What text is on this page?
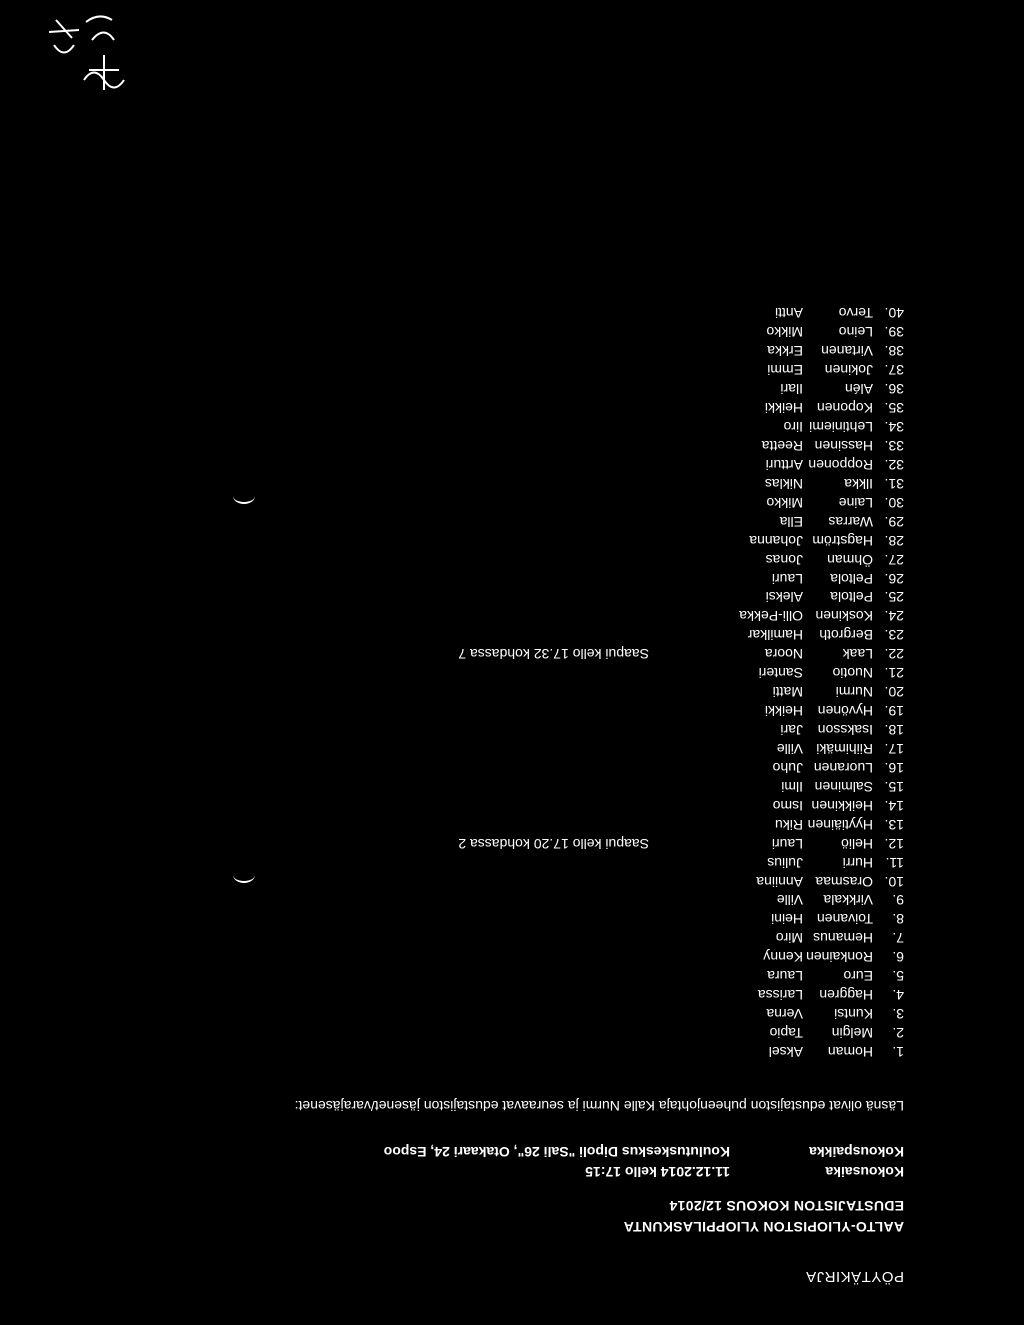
PÖYTÄKIRJA
AALTO-YLIOPISTON YLIOPPILASKUNTA
EDUSTAJISTON KOKOUS 12/2014
Kokousaika11.12.2014 kello 17:15
KokouspaikkaKoulutuskeskus Dipoli "Sali 26", Otakaari 24, Espoo
Läsnä olivat edustajiston puheenjohtaja Kalle Nurmi ja seuraavat edustajiston jäsenet/varajäsenet:
1.
Homan
Aksel
2.
Melgin
Tapio
3.
Kuntsi
Verna
4.
Haggren
Larissa
5.
Euro
Laura
6.
Ronkainen
Kenny
7.
Hemanus
Miro
8.
Toivanen
Heini
9.
Virkkala
Ville
10.
Orasmaa
Anniina
11.
Hurri
Julius
12.
Heliö
Lauri
Saapui kello 17.20 kohdassa 2
13.
Hyytiäinen
Riku
14.
Heikkinen
Ismo
15.
Salminen
Ilmi
16.
Luoranen
Juho
17.
Riihimäki
Ville
18.
Isaksson
Jari
19.
Hyvönen
Heikki
20.
Nurmi
Matti
21.
Nuotio
Santeri
22.
Laak
Noora
Saapui kello 17.32 kohdassa 7
23.
Bergroth
Hamilkar
24.
Koskinen
Olli-Pekka
25.
Peltola
Aleksi
26.
Peltola
Lauri
27.
Öhman
Jonas
28.
Hagström
Johanna
29.
Warras
Ella
30.
Laine
Mikko
31.
Ilkka
Niklas
32.
Ropponen
Artturi
33.
Hassinen
Reetta
34.
Lehtiniemi
Iiro
35.
Koponen
Heikki
36.
Alén
Ilari
37.
Jokinen
Emmi
38.
Virtanen
Erkka
39.
Leino
Mikko
40.
Tervo
Antti
